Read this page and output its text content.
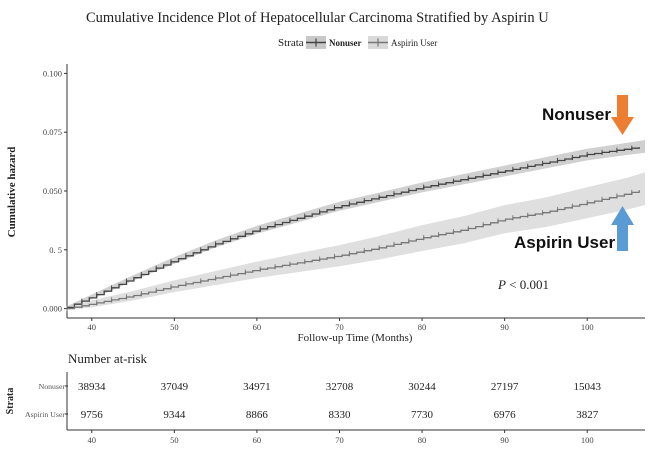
Cumulative Incidence Plot of Hepatocellular Carcinoma Stratified by Aspirin U
Strata	Nonuser	Aspirin User
Cumulative hazard
0.000
0. 5
0.050
0.075
0.100
40	50	60	70	80	90	100
Follow-up Time (Months)
P < 0.001
Nonuser
Aspirin User
Number at-risk
Strata
Nonuser 38934	37049	34971	32708	30244	27197	15043
Aspirin User 9756	9344	8866	8330	7730	6976	3827
40	50	60	70	80	90	100
